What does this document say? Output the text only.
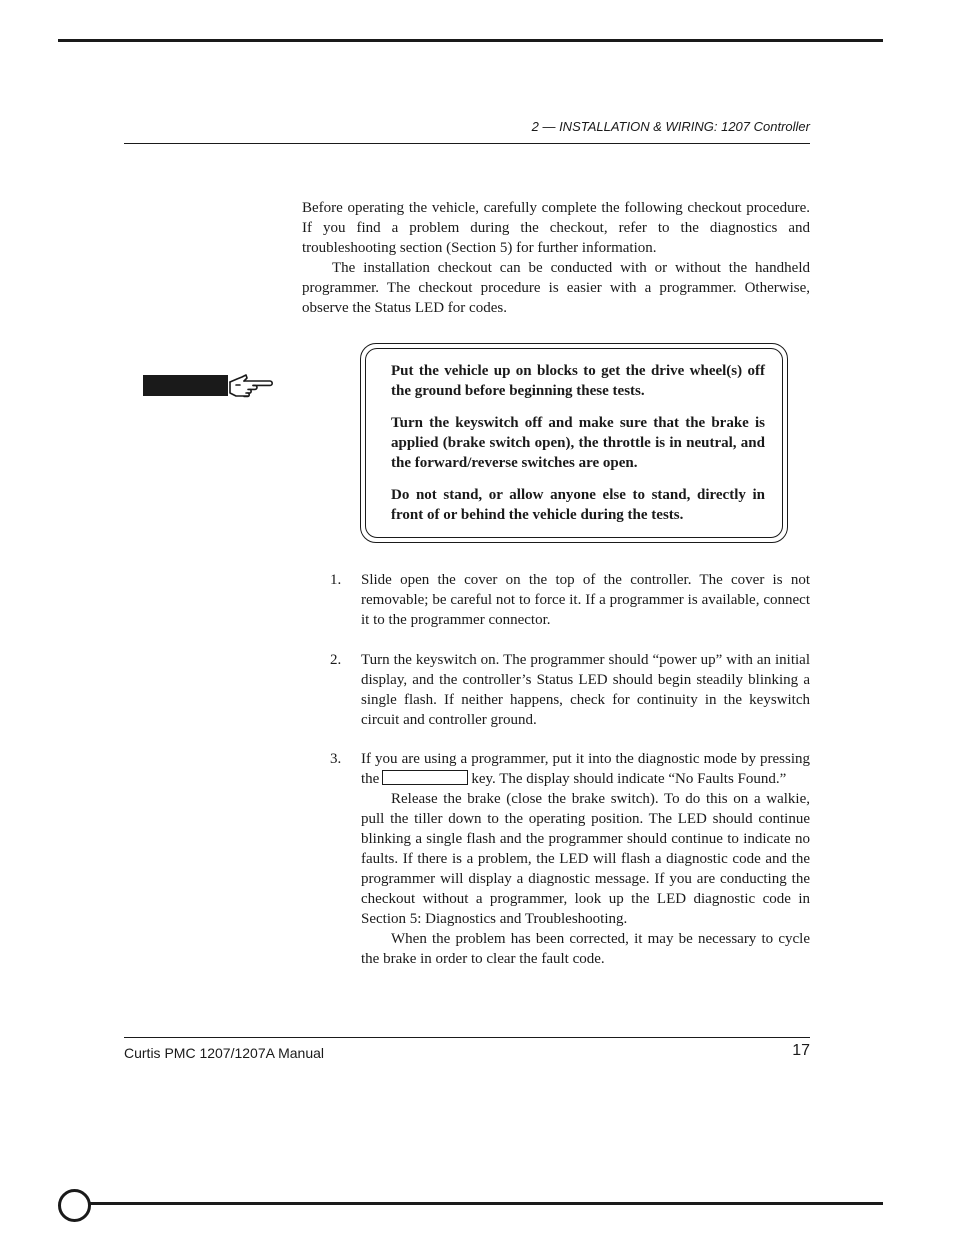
2 — INSTALLATION & WIRING: 1207 Controller

Before operating the vehicle, carefully complete the following checkout procedure. If you find a problem during the checkout, refer to the diagnostics and troubleshooting section (Section 5) for further information.

The installation checkout can be conducted with or without the handheld programmer. The checkout procedure is easier with a programmer. Otherwise, observe the Status LED for codes.

Put the vehicle up on blocks to get the drive wheel(s) off the ground before beginning these tests.

Turn the keyswitch off and make sure that the brake is applied (brake switch open), the throttle is in neutral, and the forward/reverse switches are open.

Do not stand, or allow anyone else to stand, directly in front of or behind the vehicle during the tests.

1.	Slide open the cover on the top of the controller. The cover is not removable; be careful not to force it. If a programmer is available, connect it to the programmer connector.

2.	Turn the keyswitch on. The programmer should “power up” with an initial display, and the controller’s Status LED should begin steadily blinking a single flash. If neither happens, check for continuity in the keyswitch circuit and controller ground.

3.	If you are using a programmer, put it into the diagnostic mode by pressing the	key. The display should indicate “No Faults Found.”

Release the brake (close the brake switch). To do this on a walkie, pull the tiller down to the operating position. The LED should continue blinking a single flash and the programmer should continue to indicate no faults. If there is a problem, the LED will flash a diagnostic code and the programmer will display a diagnostic message. If you are conducting the checkout without a programmer, look up the LED diagnostic code in Section 5: Diagnostics and Troubleshooting.

When the problem has been corrected, it may be necessary to cycle the brake in order to clear the fault code.

Curtis PMC 1207/1207A Manual	17
